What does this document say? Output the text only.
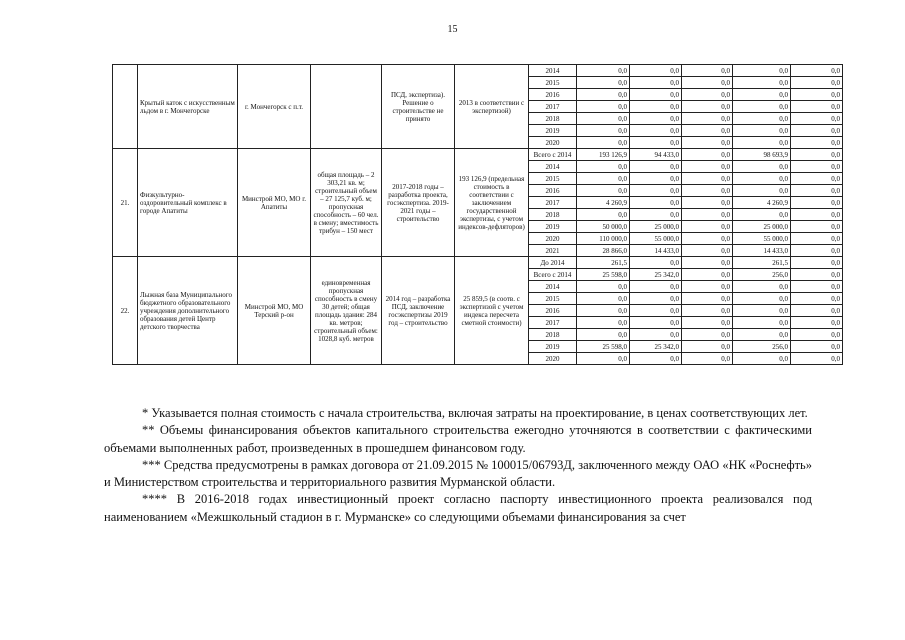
15
	Крытый каток с искусственным льдом в г. Мончегорске	г. Мончегорск с п.т.		ПСД, экспертиза). Решение о строительстве не принято	2013 в соответствии с экспертизой)	2014	0,0	0,0	0,0	0,0	0,0
						2015	0,0	0,0	0,0	0,0	0,0
						2016	0,0	0,0	0,0	0,0	0,0
						2017	0,0	0,0	0,0	0,0	0,0
						2018	0,0	0,0	0,0	0,0	0,0
						2019	0,0	0,0	0,0	0,0	0,0
						2020	0,0	0,0	0,0	0,0	0,0
21.	Физкультурно-оздоровительный комплекс в городе Апатиты	Минстрой МО, МО г. Апатиты	общая площадь – 2 303,21 кв. м; строительный объем – 27 125,7 куб. м; пропускная способность – 60 чел. в смену; вместимость трибун – 150 мест	2017-2018 годы – разработка проекта, госэкспертиза. 2019-2021 годы – строительство	193 126,9 (предельная стоимость в соответствии с заключением государственной экспертизы, с учетом индексов-дефляторов)	Всего с 2014	193 126,9	94 433,0	0,0	98 693,9	0,0
						2014	0,0	0,0	0,0	0,0	0,0
						2015	0,0	0,0	0,0	0,0	0,0
						2016	0,0	0,0	0,0	0,0	0,0
						2017	4 260,9	0,0	0,0	4 260,9	0,0
						2018	0,0	0,0	0,0	0,0	0,0
						2019	50 000,0	25 000,0	0,0	25 000,0	0,0
						2020	110 000,0	55 000,0	0,0	55 000,0	0,0
						2021	28 866,0	14 433,0	0,0	14 433,0	0,0
22.	Лыжная база Муниципального бюджетного образовательного учреждения дополнительного образования детей Центр детского творчества	Минстрой МО, МО Терский р-он	единовременная пропускная способность в смену 30 детей; общая площадь здания: 284 кв. метров; строительный объем: 1028,8 куб. метров	2014 год – разработка ПСД, заключение госэкспертизы 2019 год – строительство	25 859,5 (в соотв. с экспертизой с учетом индекса пересчета сметной стоимости)	До 2014	261,5	0,0	0,0	261,5	0,0
						Всего с 2014	25 598,0	25 342,0	0,0	256,0	0,0
						2014	0,0	0,0	0,0	0,0	0,0
						2015	0,0	0,0	0,0	0,0	0,0
						2016	0,0	0,0	0,0	0,0	0,0
						2017	0,0	0,0	0,0	0,0	0,0
						2018	0,0	0,0	0,0	0,0	0,0
						2019	25 598,0	25 342,0	0,0	256,0	0,0
						2020	0,0	0,0	0,0	0,0	0,0

* Указывается полная стоимость с начала строительства, включая затраты на проектирование, в ценах соответствующих лет.

** Объемы финансирования объектов капитального строительства ежегодно уточняются в соответствии с фактическими объемами выполненных работ, произведенных в прошедшем финансовом году.

*** Средства предусмотрены в рамках договора от 21.09.2015 № 100015/06793Д, заключенного между ОАО «НК «Роснефть» и Министерством строительства и территориального развития Мурманской области.

**** В 2016-2018 годах инвестиционный проект согласно паспорту инвестиционного проекта реализовался под наименованием «Межшкольный стадион в г. Мурманске» со следующими объемами финансирования за счет
